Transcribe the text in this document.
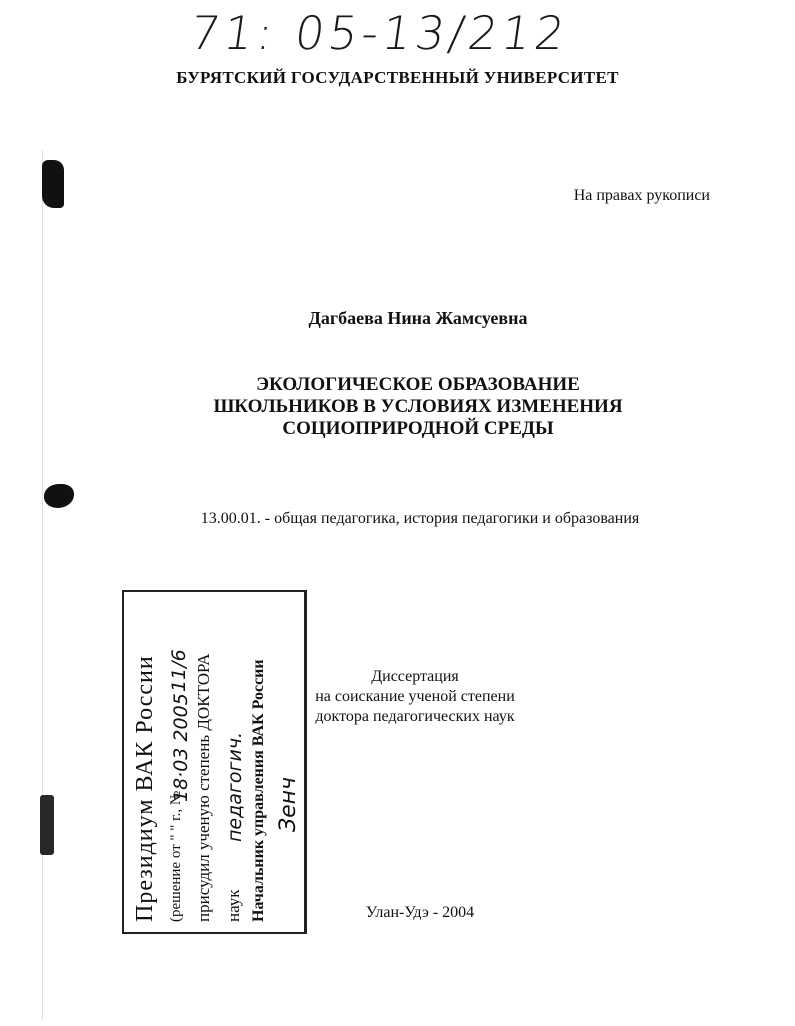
71: 05-13/212
БУРЯТСКИЙ ГОСУДАРСТВЕННЫЙ УНИВЕРСИТЕТ
На правах рукописи
Дагбаева Нина Жамсуевна
ЭКОЛОГИЧЕСКОЕ ОБРАЗОВАНИЕ
ШКОЛЬНИКОВ В УСЛОВИЯХ ИЗМЕНЕНИЯ
СОЦИОПРИРОДНОЙ СРЕДЫ
13.00.01. - общая педагогика, история педагогики и образования
Диссертация
на соискание ученой степени
доктора педагогических наук
Улан-Удэ - 2004
Президиум ВАК России (решение от " " г., № присудил ученую степень ДОКТОРА наук Начальник управления ВАК России
18·03 2005
11/6
педагогич. Зенч
